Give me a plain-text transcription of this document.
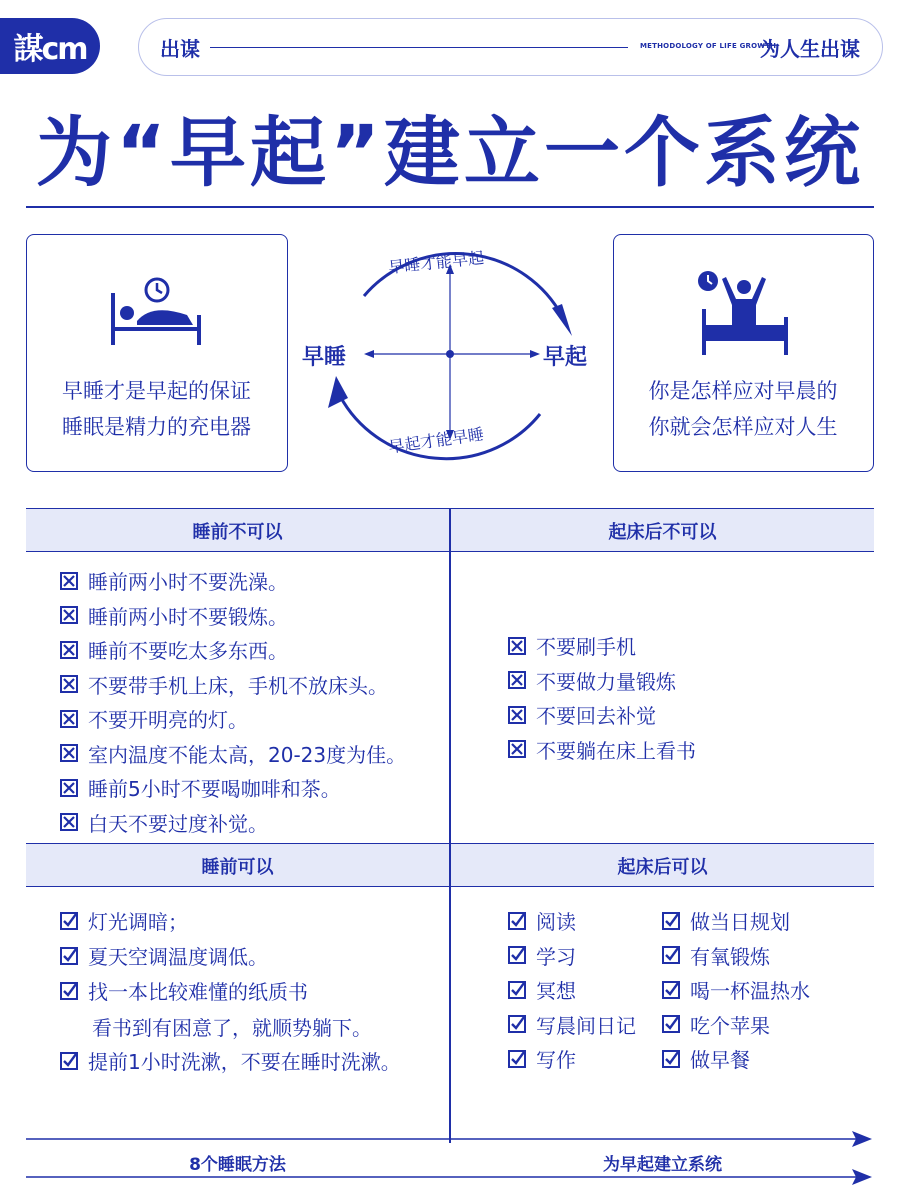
謀cm	出谋	METHODOLOGY OF LIFE GROWTH
为人生出谋
为“早起”建立一个系统
早睡才是早起的保证
睡眠是精力的充电器
早睡才能早起
早起才能早睡
早睡	早起
你是怎样应对早晨的
你就会怎样应对人生
睡前不可以	起床后不可以
睡前可以	起床后可以
睡前两小时不要洗澡。
睡前两小时不要锻炼。
睡前不要吃太多东西。
不要带手机上床，手机不放床头。
不要开明亮的灯。
室内温度不能太高，20-23度为佳。
睡前5小时不要喝咖啡和茶。
白天不要过度补觉。
不要刷手机
不要做力量锻炼
不要回去补觉
不要躺在床上看书
灯光调暗；
夏天空调温度调低。
找一本比较难懂的纸质书
提前1小时洗漱，不要在睡时洗漱。
看书到有困意了，就顺势躺下。
阅读
学习
冥想
写晨间日记
写作
做当日规划
有氧锻炼
喝一杯温热水
吃个苹果
做早餐
8个睡眠方法	为早起建立系统
